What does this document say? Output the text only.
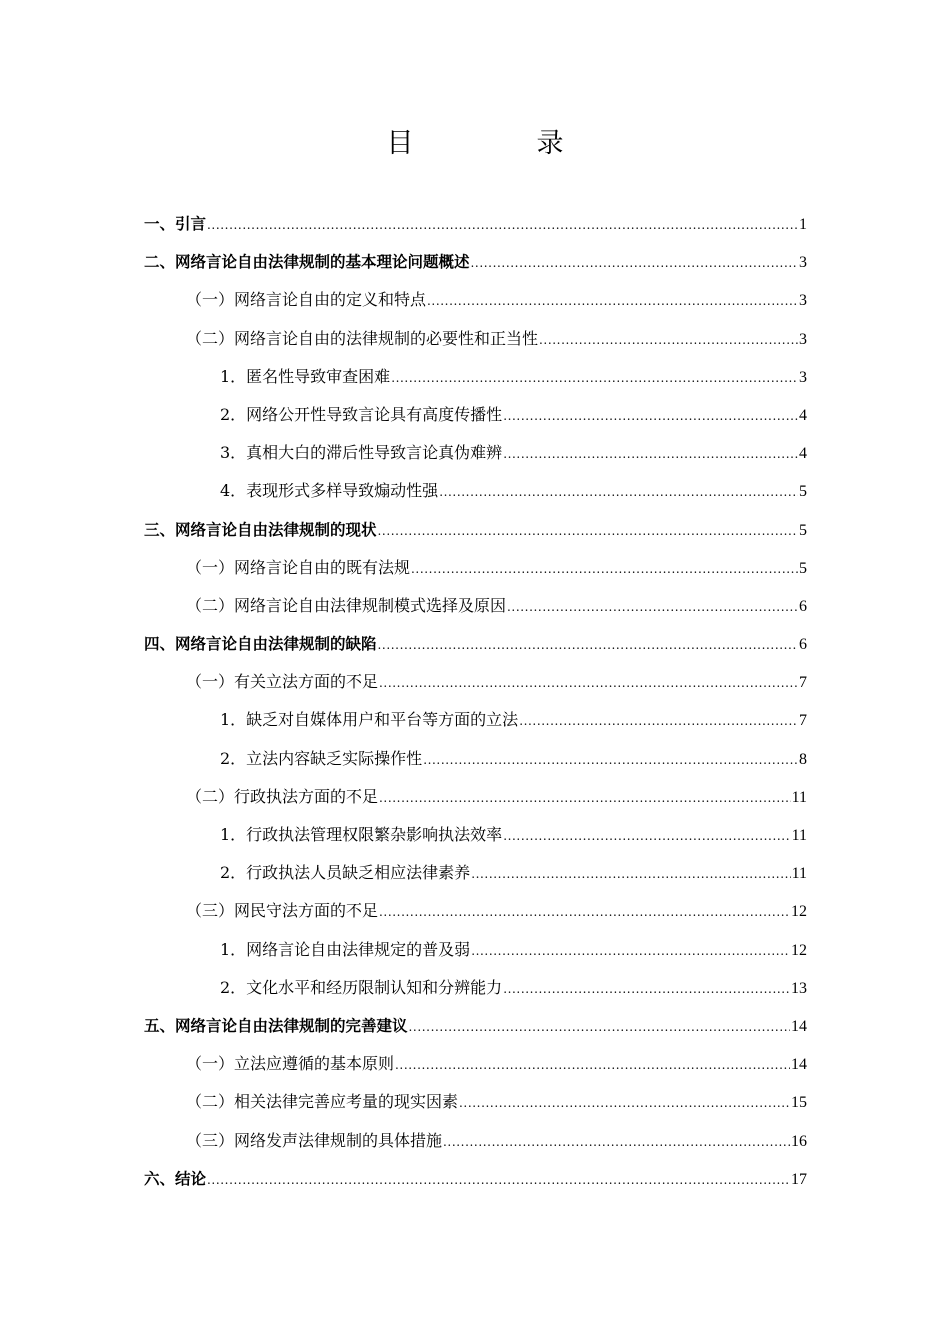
目　录
一、引言 .....	1
二、网络言论自由法律规制的基本理论问题概述 .....	3
（一）网络言论自由的定义和特点 .....	3
（二）网络言论自由的法律规制的必要性和正当性 .....	3
1．匿名性导致审查困难 .....	3
2．网络公开性导致言论具有高度传播性 .....	4
3．真相大白的滞后性导致言论真伪难辨 .....	4
4．表现形式多样导致煽动性强 .....	5
三、网络言论自由法律规制的现状 .....	5
（一）网络言论自由的既有法规 .....	5
（二）网络言论自由法律规制模式选择及原因 .....	6
四、网络言论自由法律规制的缺陷 .....	6
（一）有关立法方面的不足 .....	7
1．缺乏对自媒体用户和平台等方面的立法 .....	7
2．立法内容缺乏实际操作性 .....	8
（二）行政执法方面的不足 .....	11
1．行政执法管理权限繁杂影响执法效率 .....	11
2．行政执法人员缺乏相应法律素养 .....	11
（三）网民守法方面的不足 .....	12
1．网络言论自由法律规定的普及弱 .....	12
2．文化水平和经历限制认知和分辨能力 .....	13
五、网络言论自由法律规制的完善建议 .....	14
（一）立法应遵循的基本原则 .....	14
（二）相关法律完善应考量的现实因素 .....	15
（三）网络发声法律规制的具体措施 .....	16
六、结论 .....	17
